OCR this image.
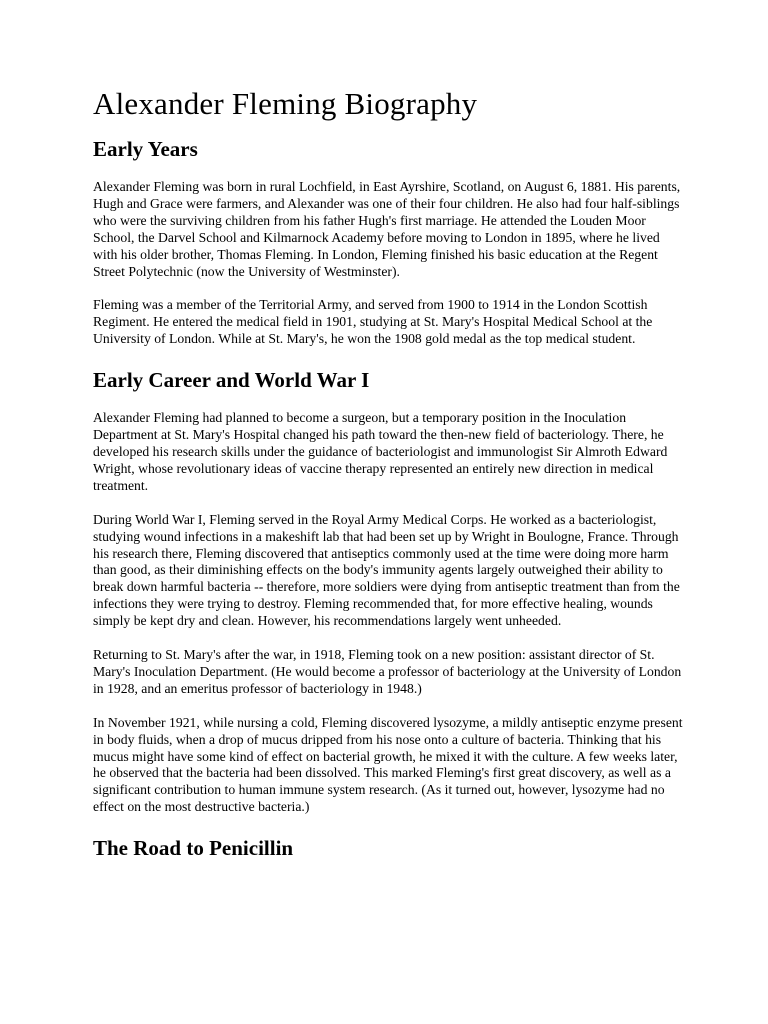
Alexander Fleming Biography
Early Years

Alexander Fleming was born in rural Lochfield, in East Ayrshire, Scotland, on August 6, 1881. His parents, Hugh and Grace were farmers, and Alexander was one of their four children. He also had four half-siblings who were the surviving children from his father Hugh's first marriage. He attended the Louden Moor School, the Darvel School and Kilmarnock Academy before moving to London in 1895, where he lived with his older brother, Thomas Fleming. In London, Fleming finished his basic education at the Regent Street Polytechnic (now the University of Westminster).

Fleming was a member of the Territorial Army, and served from 1900 to 1914 in the London Scottish Regiment. He entered the medical field in 1901, studying at St. Mary's Hospital Medical School at the University of London. While at St. Mary's, he won the 1908 gold medal as the top medical student.

Early Career and World War I

Alexander Fleming had planned to become a surgeon, but a temporary position in the Inoculation Department at St. Mary's Hospital changed his path toward the then-new field of bacteriology. There, he developed his research skills under the guidance of bacteriologist and immunologist Sir Almroth Edward Wright, whose revolutionary ideas of vaccine therapy represented an entirely new direction in medical treatment.

During World War I, Fleming served in the Royal Army Medical Corps. He worked as a bacteriologist, studying wound infections in a makeshift lab that had been set up by Wright in Boulogne, France. Through his research there, Fleming discovered that antiseptics commonly used at the time were doing more harm than good, as their diminishing effects on the body's immunity agents largely outweighed their ability to break down harmful bacteria -- therefore, more soldiers were dying from antiseptic treatment than from the infections they were trying to destroy. Fleming recommended that, for more effective healing, wounds simply be kept dry and clean. However, his recommendations largely went unheeded.

Returning to St. Mary's after the war, in 1918, Fleming took on a new position: assistant director of St. Mary's Inoculation Department. (He would become a professor of bacteriology at the University of London in 1928, and an emeritus professor of bacteriology in 1948.)

In November 1921, while nursing a cold, Fleming discovered lysozyme, a mildly antiseptic enzyme present in body fluids, when a drop of mucus dripped from his nose onto a culture of bacteria. Thinking that his mucus might have some kind of effect on bacterial growth, he mixed it with the culture. A few weeks later, he observed that the bacteria had been dissolved. This marked Fleming's first great discovery, as well as a significant contribution to human immune system research. (As it turned out, however, lysozyme had no effect on the most destructive bacteria.)

The Road to Penicillin
